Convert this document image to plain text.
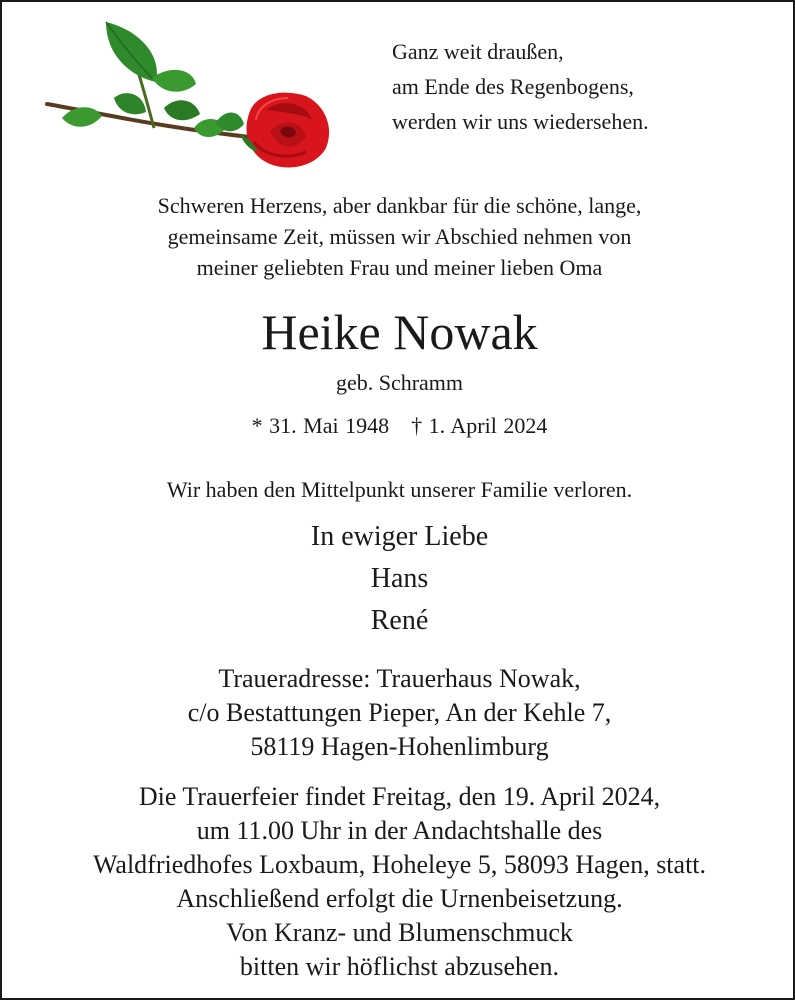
Ganz weit draußen,
am Ende des Regenbogens,
werden wir uns wiedersehen.
Schweren Herzens, aber dankbar für die schöne, lange,
gemeinsame Zeit, müssen wir Abschied nehmen von
meiner geliebten Frau und meiner lieben Oma
Heike Nowak
geb. Schramm
* 31. Mai 1948 † 1. April 2024
Wir haben den Mittelpunkt unserer Familie verloren.
In ewiger Liebe
Hans
René
Traueradresse: Trauerhaus Nowak,
c/o Bestattungen Pieper, An der Kehle 7,
58119 Hagen-Hohenlimburg
Die Trauerfeier findet Freitag, den 19. April 2024,
um 11.00 Uhr in der Andachtshalle des
Waldfriedhofes Loxbaum, Hoheleye 5, 58093 Hagen, statt.
Anschließend erfolgt die Urnenbeisetzung.
Von Kranz- und Blumenschmuck
bitten wir höflichst abzusehen.
